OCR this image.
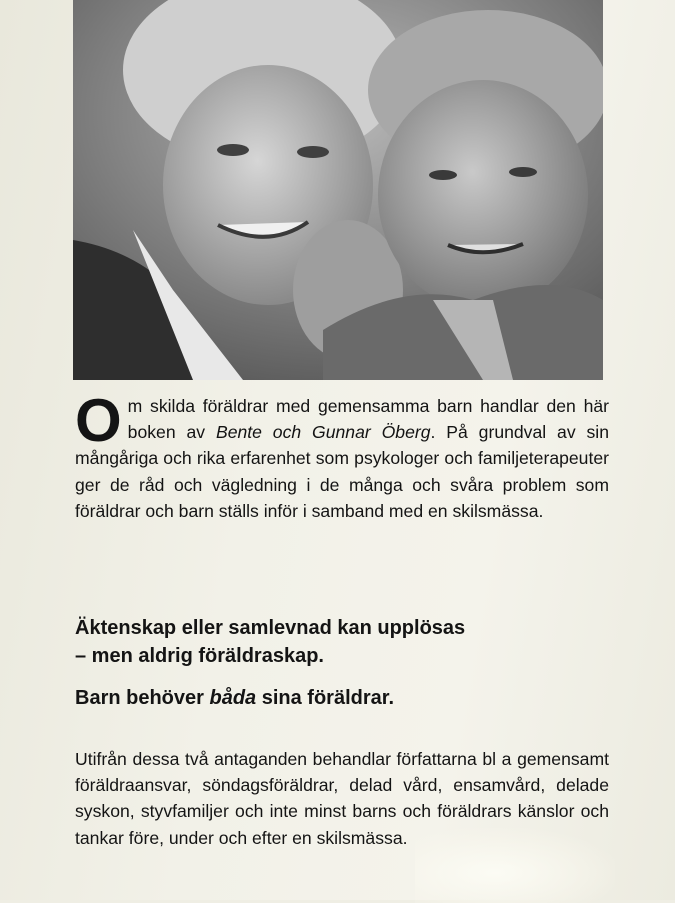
O m skilda föräldrar med gemensamma barn handlar den här boken av Bente och Gunnar Öberg. På grundval av sin mångåriga och rika erfarenhet som psykologer och familjeterapeuter ger de råd och vägledning i de många och svåra problem som föräldrar och barn ställs inför i samband med en skilsmässa.

Äktenskap eller samlevnad kan upplösas

– men aldrig föräldraskap.

Barn behöver båda sina föräldrar.

Utifrån dessa två antaganden behandlar författarna bl a gemensamt föräldraansvar, söndagsföräldrar, delad vård, ensamvård, delade syskon, styvfamiljer och inte minst barns och föräldrars känslor och tankar före, under och efter en skilsmässa.
